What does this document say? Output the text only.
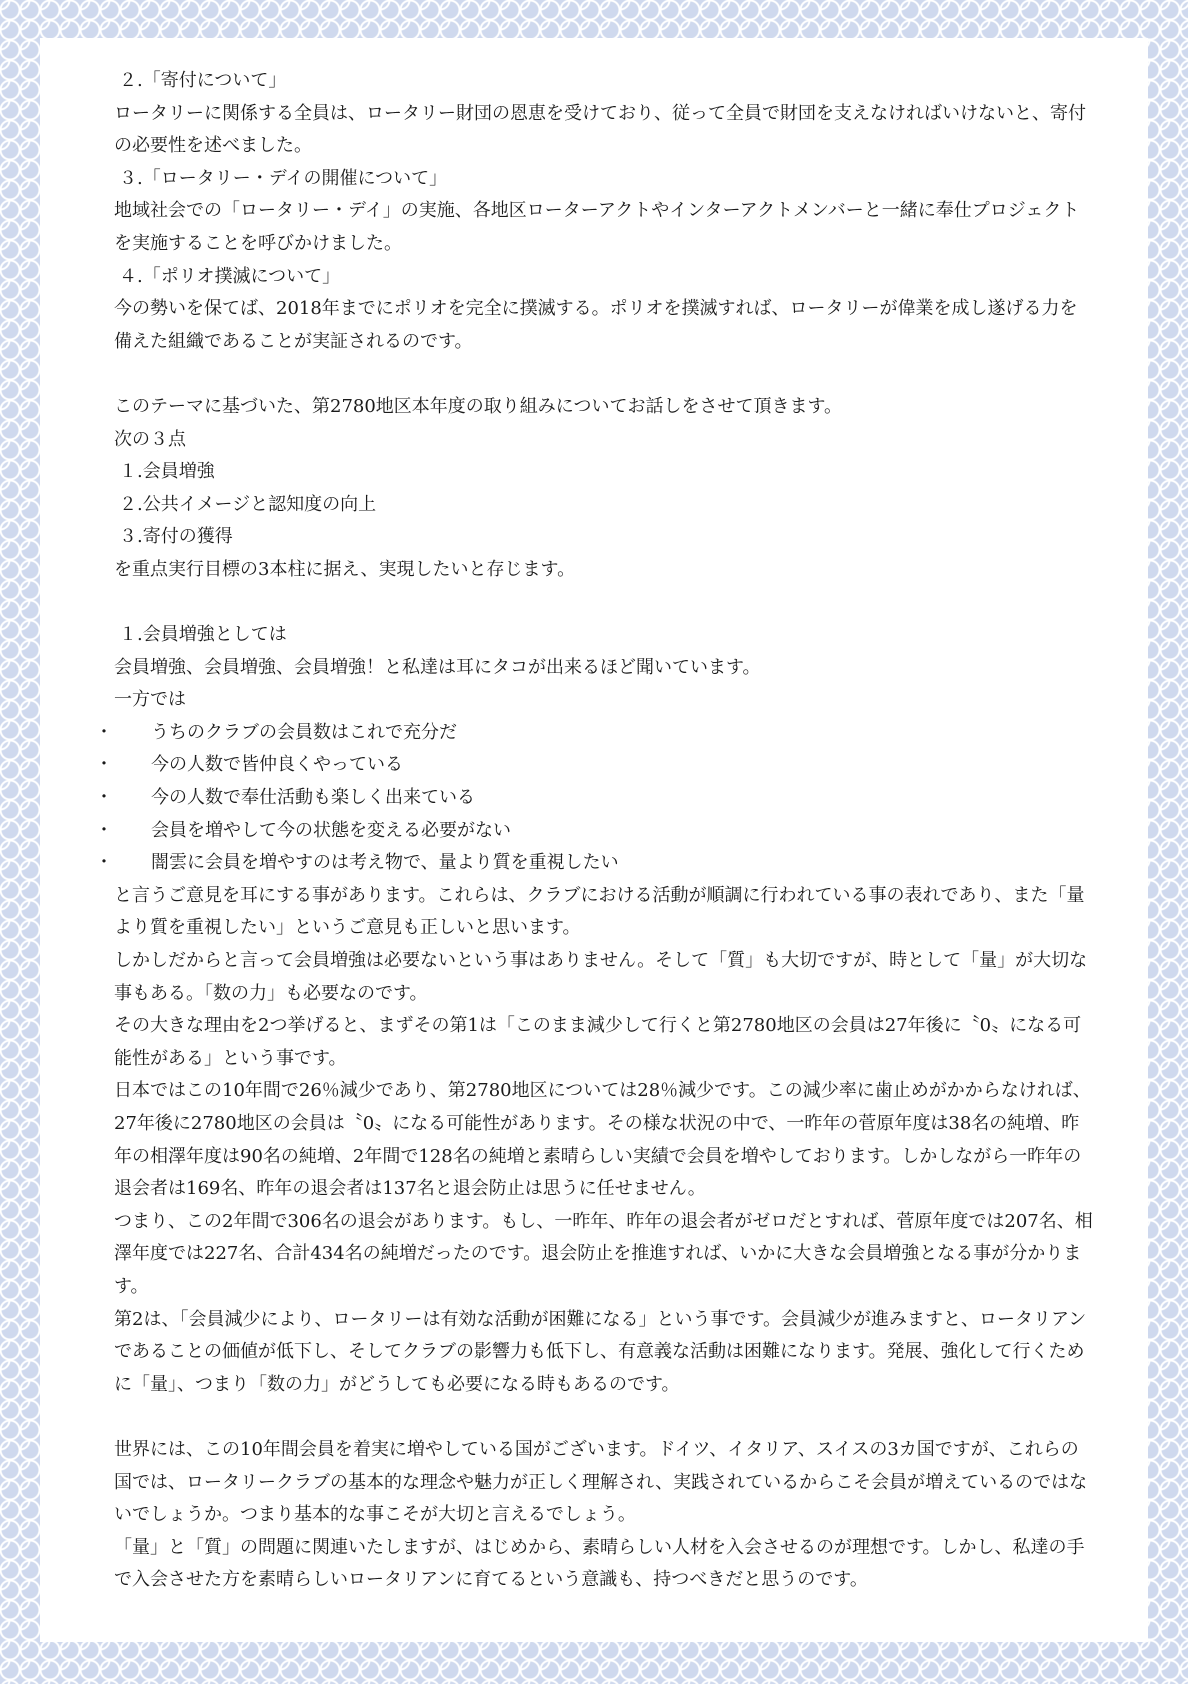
２.「寄付について」

ロータリーに関係する全員は、ロータリー財団の恩恵を受けており、従って全員で財団を支えなければいけないと、寄付の必要性を述べました。

３.「ロータリー・デイの開催について」

地域社会での「ロータリー・デイ」の実施、各地区ローターアクトやインターアクトメンバーと一緒に奉仕プロジェクトを実施することを呼びかけました。

４.「ポリオ撲滅について」

今の勢いを保てば、2018年までにポリオを完全に撲滅する。ポリオを撲滅すれば、ロータリーが偉業を成し遂げる力を備えた組織であることが実証されるのです。

このテーマに基づいた、第2780地区本年度の取り組みについてお話しをさせて頂きます。

次の３点

１.会員増強

２.公共イメージと認知度の向上

３.寄付の獲得

を重点実行目標の3本柱に据え、実現したいと存じます。

１.会員増強としては

会員増強、会員増強、会員増強！と私達は耳にタコが出来るほど聞いています。

一方では

・	うちのクラブの会員数はこれで充分だ
・	今の人数で皆仲良くやっている
・	今の人数で奉仕活動も楽しく出来ている
・	会員を増やして今の状態を変える必要がない
・	闇雲に会員を増やすのは考え物で、量より質を重視したい

と言うご意見を耳にする事があります。これらは、クラブにおける活動が順調に行われている事の表れであり、また「量より質を重視したい」というご意見も正しいと思います。

しかしだからと言って会員増強は必要ないという事はありません。そして「質」も大切ですが、時として「量」が大切な事もある。「数の力」も必要なのです。

その大きな理由を2つ挙げると、まずその第1は「このまま減少して行くと第2780地区の会員は27年後に〝0〟になる可能性がある」という事です。

日本ではこの10年間で26％減少であり、第2780地区については28％減少です。この減少率に歯止めがかからなければ、27年後に2780地区の会員は〝0〟になる可能性があります。その様な状況の中で、一昨年の菅原年度は38名の純増、昨年の相澤年度は90名の純増、2年間で128名の純増と素晴らしい実績で会員を増やしております。しかしながら一昨年の退会者は169名、昨年の退会者は137名と退会防止は思うに任せません。

つまり、この2年間で306名の退会があります。もし、一昨年、昨年の退会者がゼロだとすれば、菅原年度では207名、相澤年度では227名、合計434名の純増だったのです。退会防止を推進すれば、いかに大きな会員増強となる事が分かります。

第2は、「会員減少により、ロータリーは有効な活動が困難になる」という事です。会員減少が進みますと、ロータリアンであることの価値が低下し、そしてクラブの影響力も低下し、有意義な活動は困難になります。発展、強化して行くために「量」、つまり「数の力」がどうしても必要になる時もあるのです。

世界には、この10年間会員を着実に増やしている国がございます。ドイツ、イタリア、スイスの3カ国ですが、これらの国では、ロータリークラブの基本的な理念や魅力が正しく理解され、実践されているからこそ会員が増えているのではないでしょうか。つまり基本的な事こそが大切と言えるでしょう。

「量」と「質」の問題に関連いたしますが、はじめから、素晴らしい人材を入会させるのが理想です。しかし、私達の手で入会させた方を素晴らしいロータリアンに育てるという意識も、持つべきだと思うのです。
